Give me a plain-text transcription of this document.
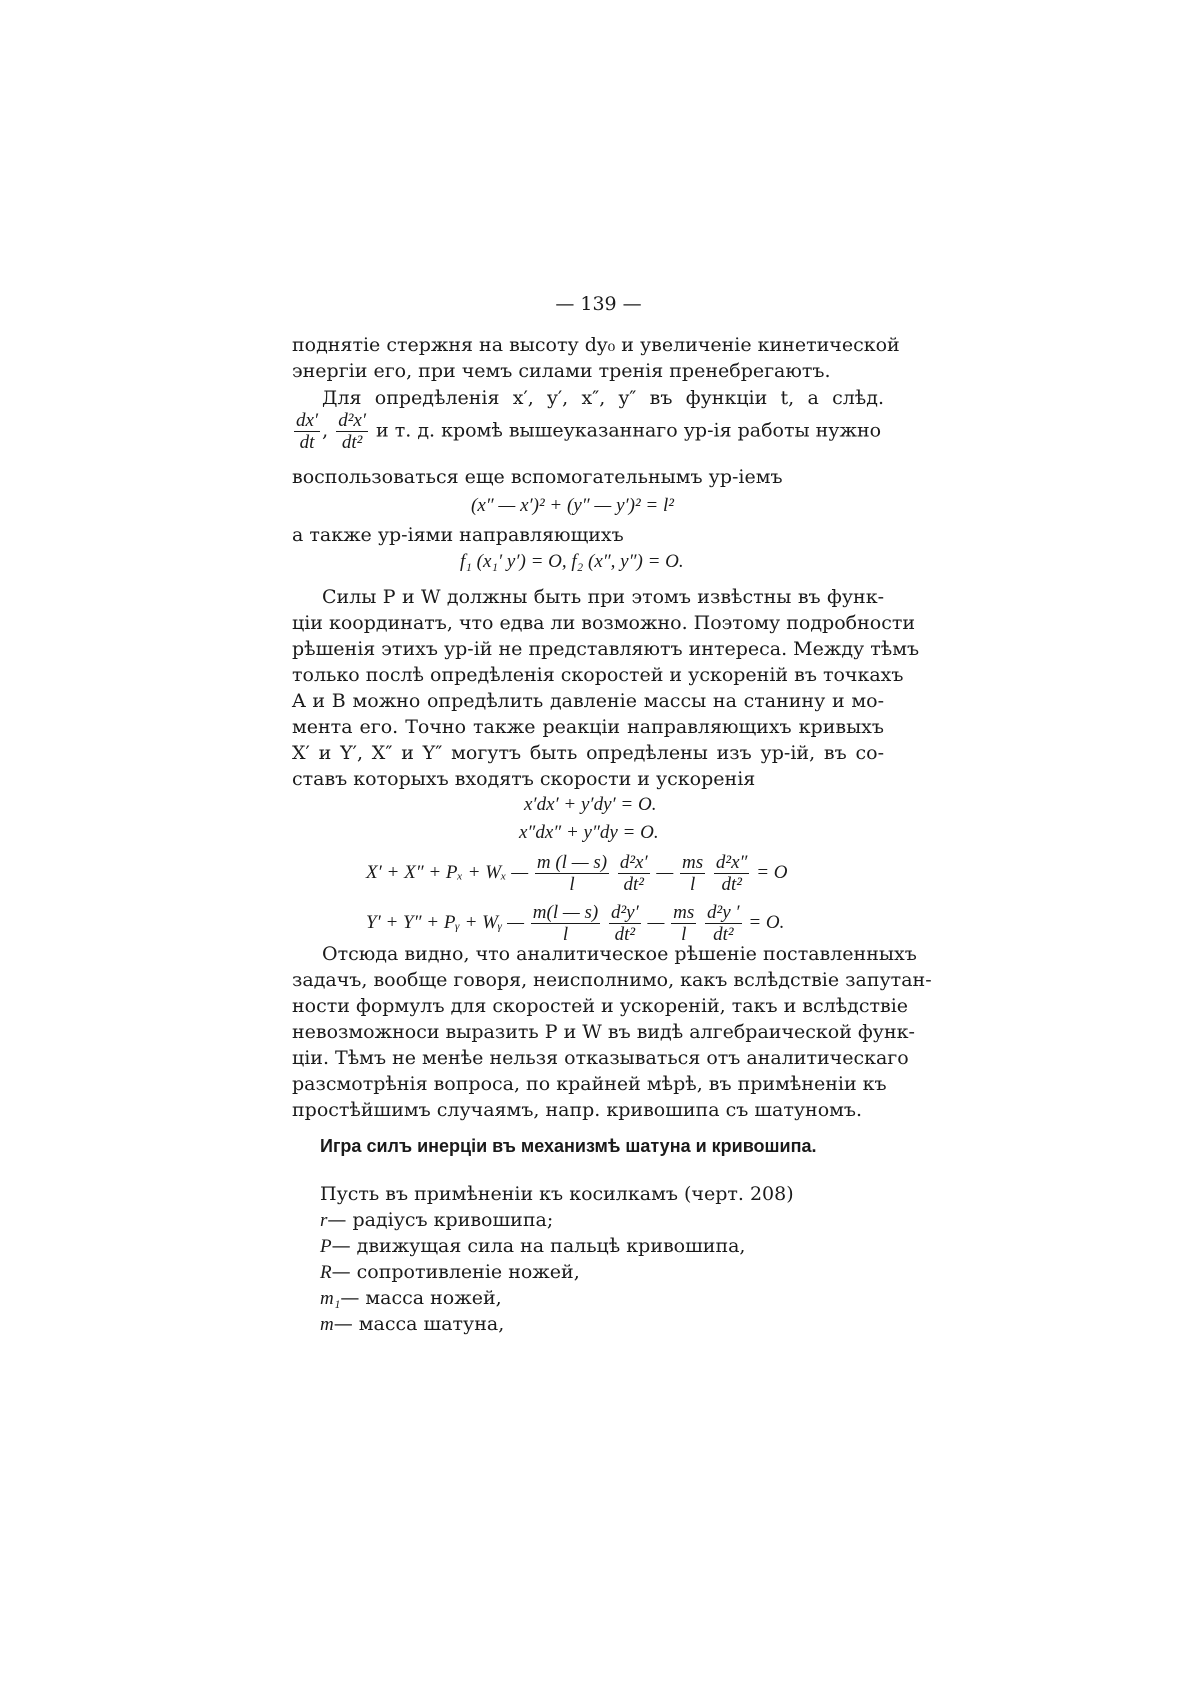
— 139 —
поднятіе стержня на высоту dy₀ и увеличеніе кинетической
энергіи его, при чемъ силами тренія пренебрегаютъ.
Для опредѣленія x′, y′, x″, y″ въ функціи t, а слѣд.
$\frac{dx'}{dt}$ , $\frac{\text{d²x′}}{\text{dt²}}$ и т. д. кромѣ вышеуказаннаго ур-ія работы нужно
воспользоваться еще вспомогательнымъ ур-іемъ
(x″ — x′)² + (y″ — y′)² = l²
а также ур-іями направляющихъ
f₁ (x₁′ y′) = O, f₂ (x″, y″) = O.
Силы P и W должны быть при этомъ извѣстны въ функ-
ціи координатъ, что едва ли возможно. Поэтому подробности
рѣшенія этихъ ур-ій не представляютъ интереса. Между тѣмъ
только послѣ опредѣленія скоростей и ускореній въ точкахъ
A и B можно опредѣлить давленіе массы на станину и мо-
мента его. Точно также реакціи направляющихъ кривыхъ
X′ и Y′, X″ и Y″ могутъ быть опредѣлены изъ ур-ій, въ со-
ставъ которыхъ входятъ скорости и ускоренія
x′dx′ + y′dy′ = O.
x″dx″ + y″dy = O.
X′ + X″ + Pₓ + Wₓ — $\frac{m (l — s)}{l}$
$\frac{\text{d²x′}}{\text{dt²}}$ — $\frac{ms}{l}$
$\frac{\text{d²x″}}{\text{dt²}} = O$
Y′ + Y″ + Pᵧ + Wᵧ — $\frac{m(l — s)}{l}$
$\frac{\text{d²y′}}{\text{dt²}}$ — $\frac{ms}{l}$
$\frac{\text{d²y ′}}{\text{dt²}} = O$.
Отсюда видно, что аналитическое рѣшеніе поставленныхъ
задачъ, вообще говоря, неисполнимо, какъ вслѣдствіе запутан-
ности формулъ для скоростей и ускореній, такъ и вслѣдствіе
невозможноси выразить P и W въ видѣ алгебраической функ-
ціи. Тѣмъ не менѣе нельзя отказываться отъ аналитическаго
разсмотрѣнія вопроса, по крайней мѣрѣ, въ примѣненіи къ
простѣйшимъ случаямъ, напр. кривошипа съ шатуномъ.
Игра силъ инерціи въ механизмѣ шатуна и кривошипа.
Пусть въ примѣненіи къ косилкамъ (черт. 208)
r— радіусъ кривошипа;
P— движущая сила на пальцѣ кривошипа,
R— сопротивленіе ножей,
m₁— масса ножей,
m— масса шатуна,
